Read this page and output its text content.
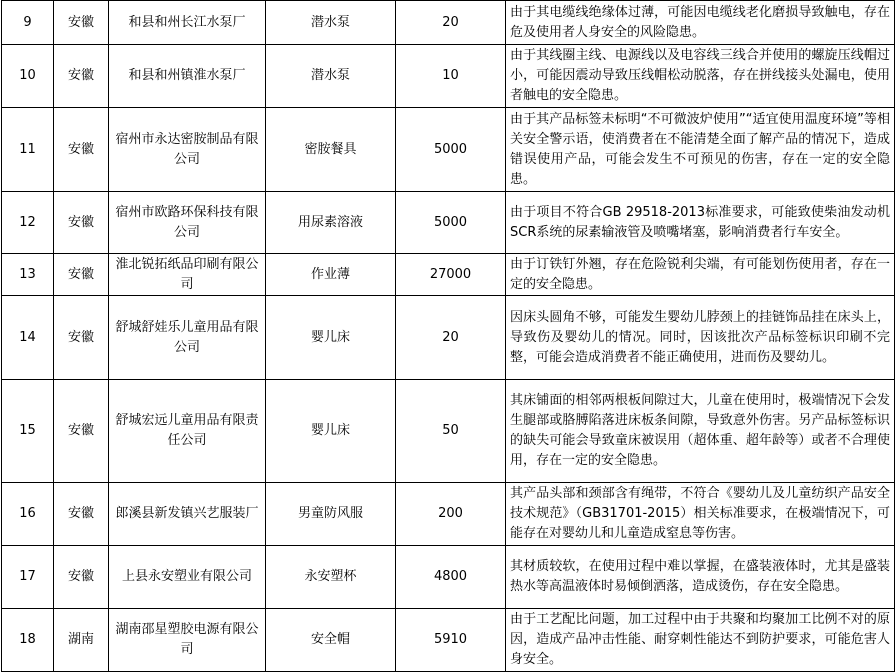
9	安徽	和县和州长江水泵厂	潜水泵	20	由于其电缆线绝缘体过薄，可能因电缆线老化磨损导致触电，存在危及使用者人身安全的风险隐患。
10	安徽	和县和州镇淮水泵厂	潜水泵	10	由于其线圈主线、电源线以及电容线三线合并使用的螺旋压线帽过小，可能因震动导致压线帽松动脱落，存在拼线接头处漏电，使用者触电的安全隐患。
11	安徽	宿州市永达密胺制品有限公司	密胺餐具	5000	由于其产品标签未标明“不可微波炉使用”“适宜使用温度环境”等相关安全警示语，使消费者在不能清楚全面了解产品的情况下，造成错误使用产品，可能会发生不可预见的伤害，存在一定的安全隐患。
12	安徽	宿州市欧路环保科技有限公司	用尿素溶液	5000	由于项目不符合GB 29518-2013标准要求，可能致使柴油发动机SCR系统的尿素输液管及喷嘴堵塞，影响消费者行车安全。
13	安徽	淮北锐拓纸品印刷有限公司	作业薄	27000	由于订铁钉外翘，存在危险锐利尖端，有可能划伤使用者，存在一定的安全隐患。
14	安徽	舒城舒娃乐儿童用品有限公司	婴儿床	20	因床头圆角不够，可能发生婴幼儿脖颈上的挂链饰品挂在床头上，导致伤及婴幼儿的情况。同时，因该批次产品标签标识印刷不完整，可能会造成消费者不能正确使用，进而伤及婴幼儿。
15	安徽	舒城宏远儿童用品有限责任公司	婴儿床	50	其床铺面的相邻两根板间隙过大，儿童在使用时，极端情况下会发生腿部或胳膊陷落进床板条间隙，导致意外伤害。另产品标签标识的缺失可能会导致童床被误用（超体重、超年龄等）或者不合理使用，存在一定的安全隐患。
16	安徽	郎溪县新发镇兴艺服装厂	男童防风服	200	其产品头部和颈部含有绳带，不符合《婴幼儿及儿童纺织产品安全技术规范》（GB31701-2015）相关标准要求，在极端情况下，可能存在对婴幼儿和儿童造成窒息等伤害。
17	安徽	上县永安塑业有限公司	永安塑杯	4800	其材质较软，在使用过程中难以掌握，在盛装液体时，尤其是盛装热水等高温液体时易倾倒洒落，造成烫伤，存在安全隐患。
18	湖南	湖南邵星塑胶电源有限公司	安全帽	5910	由于工艺配比问题，加工过程中由于共聚和均聚加工比例不对的原因，造成产品冲击性能、耐穿刺性能达不到防护要求，可能危害人身安全。
